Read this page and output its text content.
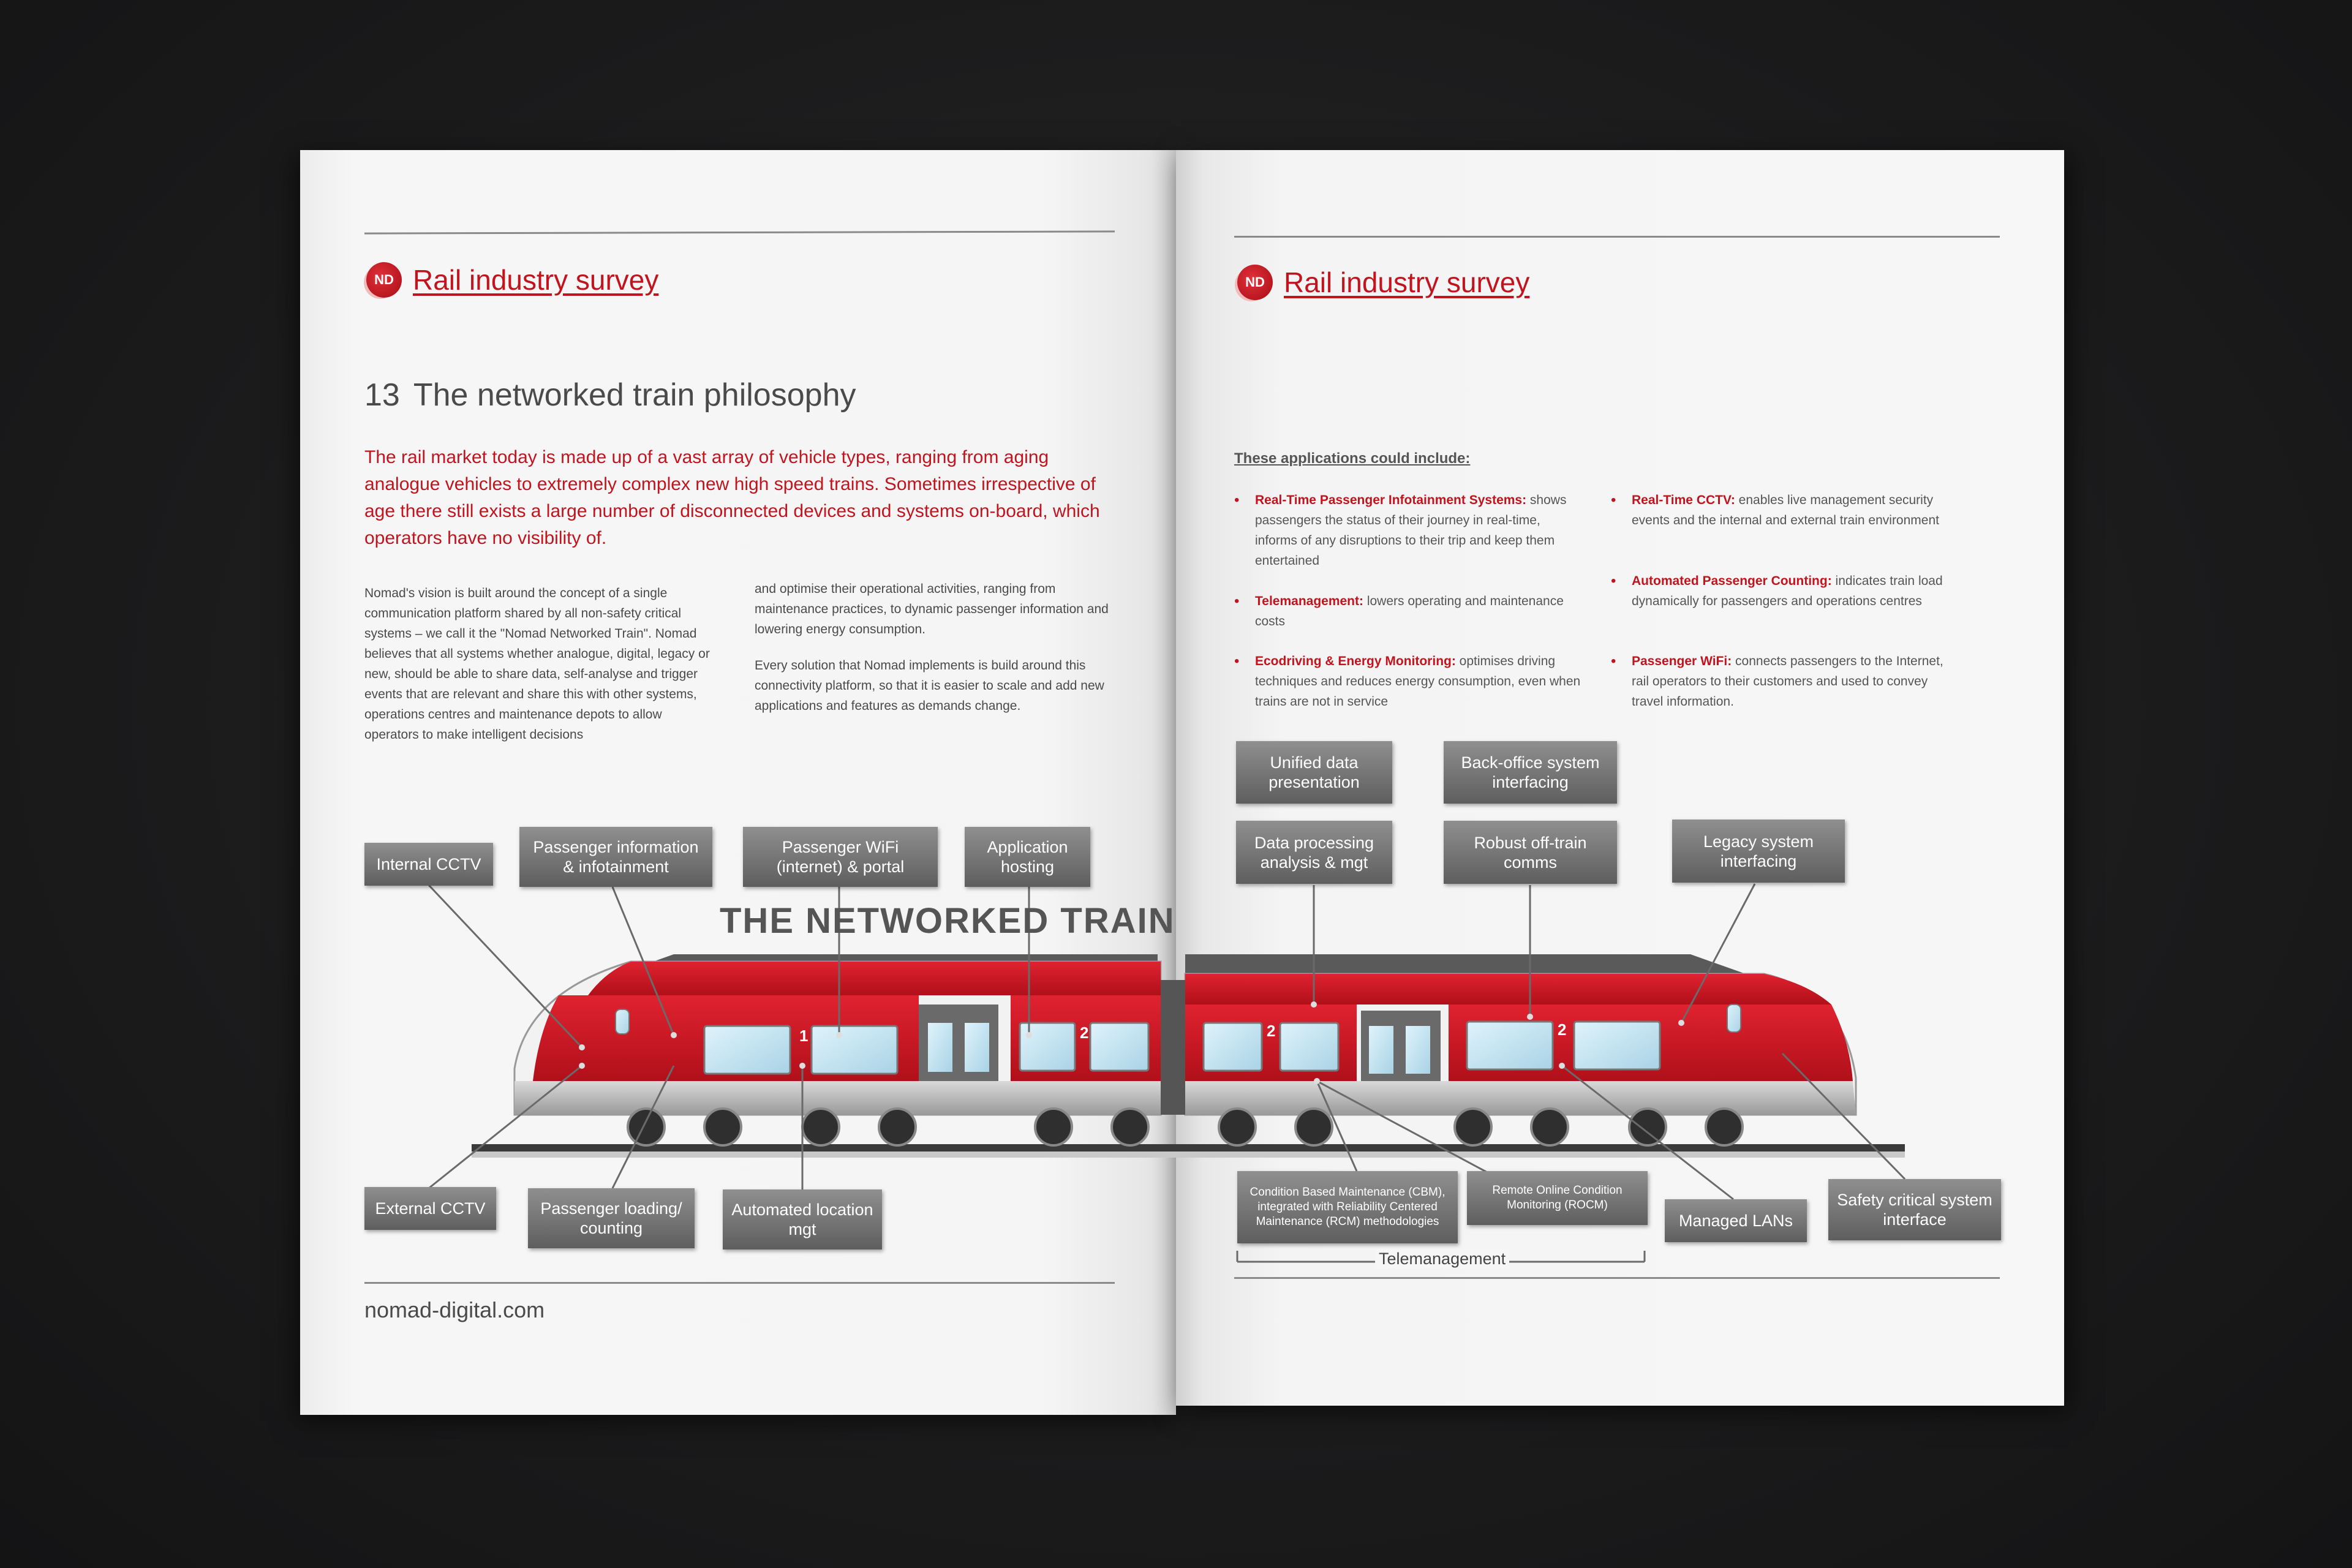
ND Rail industry survey	ND Rail industry survey
13 The networked train philosophy
The rail market today is made up of a vast array of vehicle types, ranging from aging analogue vehicles to extremely complex new high speed trains. Sometimes irrespective of age there still exists a large number of disconnected devices and systems on-board, which operators have no visibility of.

Nomad's vision is built around the concept of a single communication platform shared by all non-safety critical systems – we call it the "Nomad Networked Train". Nomad believes that all systems whether analogue, digital, legacy or new, should be able to share data, self-analyse and trigger events that are relevant and share this with other systems, operations centres and maintenance depots to allow operators to make intelligent decisions

and optimise their operational activities, ranging from maintenance practices, to dynamic passenger information and lowering energy consumption.

Every solution that Nomad implements is build around this connectivity platform, so that it is easier to scale and add new applications and features as demands change.

These applications could include:
• Real-Time Passenger Infotainment Systems: shows passengers the status of their journey in real-time, informs of any disruptions to their trip and keep them entertained
• Telemanagement: lowers operating and maintenance costs
• Ecodriving & Energy Monitoring: optimises driving techniques and reduces energy consumption, even when trains are not in service
• Real-Time CCTV: enables live management security events and the internal and external train environment
• Automated Passenger Counting: indicates train load dynamically for passengers and operations centres
• Passenger WiFi: connects passengers to the Internet, rail operators to their customers and used to convey travel information.
1	2	2	2
THE NETWORKED TRAIN
Internal CCTV
Passenger information & infotainment
Passenger WiFi (internet) & portal
Application hosting
Unified data presentation
Back-office system interfacing
Data processing analysis & mgt
Robust off-train comms
Legacy system interfacing
External CCTV	Passenger loading/ counting
Automated location mgt
Condition Based Maintenance (CBM), integrated with Reliability Centered Maintenance (RCM) methodologies
Remote Online Condition Monitoring (ROCM)
Managed LANs
Safety critical system interface
Telemanagement
nomad-digital.com
